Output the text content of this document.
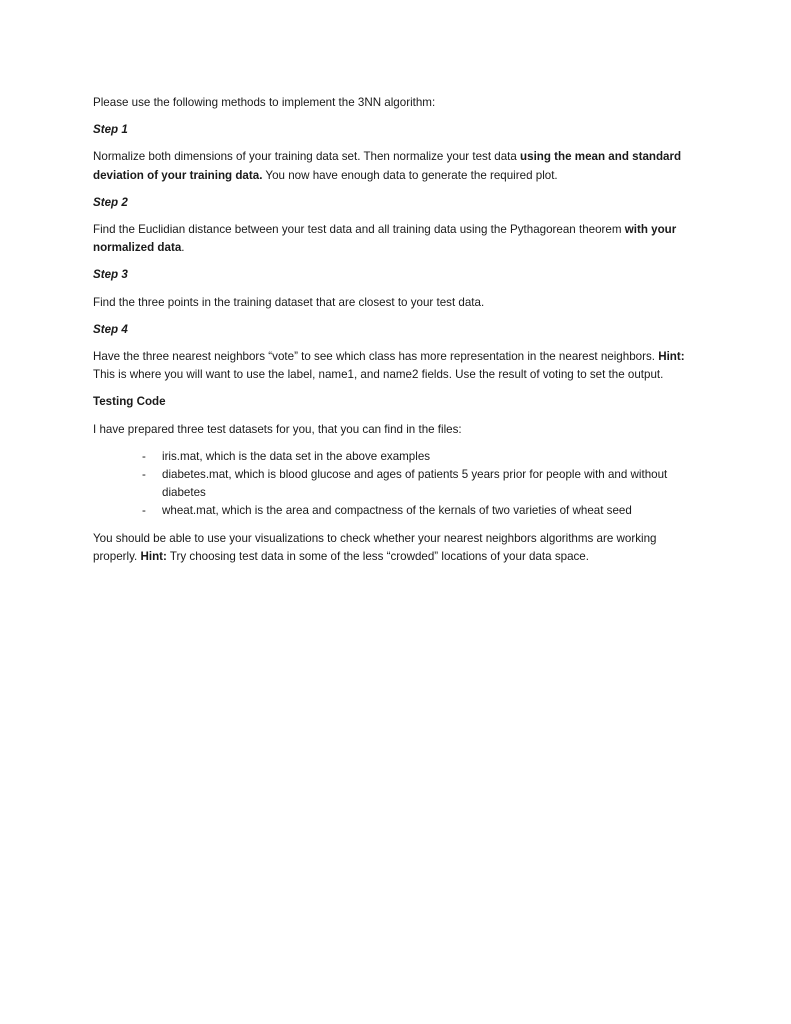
Please use the following methods to implement the 3NN algorithm:

Step 1

Normalize both dimensions of your training data set. Then normalize your test data using the mean and standard deviation of your training data. You now have enough data to generate the required plot.

Step 2

Find the Euclidian distance between your test data and all training data using the Pythagorean theorem with your normalized data.

Step 3

Find the three points in the training dataset that are closest to your test data.

Step 4

Have the three nearest neighbors “vote” to see which class has more representation in the nearest neighbors. Hint: This is where you will want to use the label, name1, and name2 fields. Use the result of voting to set the output.

Testing Code

I have prepared three test datasets for you, that you can find in the files:

- iris.mat, which is the data set in the above examples
- diabetes.mat, which is blood glucose and ages of patients 5 years prior for people with and without diabetes
- wheat.mat, which is the area and compactness of the kernals of two varieties of wheat seed

You should be able to use your visualizations to check whether your nearest neighbors algorithms are working properly. Hint: Try choosing test data in some of the less “crowded” locations of your data space.
